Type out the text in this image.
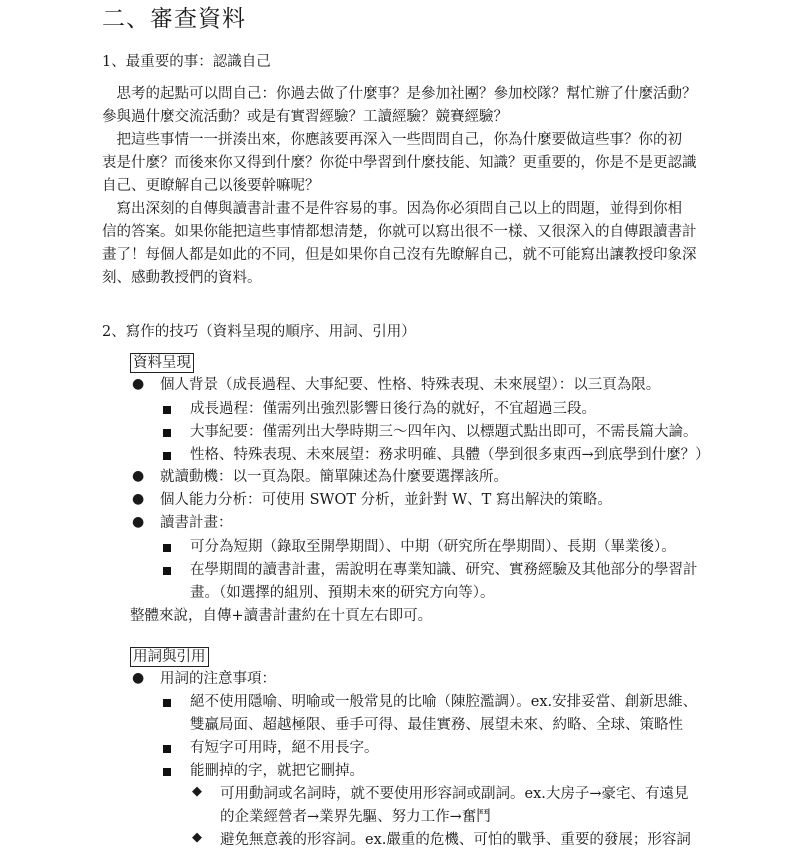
二、審查資料
1、最重要的事：認識自己
　思考的起點可以問自己：你過去做了什麼事？是參加社團？參加校隊？幫忙辦了什麼活動？
參與過什麼交流活動？或是有實習經驗？工讀經驗？競賽經驗？
　把這些事情一一拼湊出來，你應該要再深入一些問問自己，你為什麼要做這些事？你的初
衷是什麼？而後來你又得到什麼？你從中學習到什麼技能、知識？更重要的，你是不是更認識
自己、更瞭解自己以後要幹嘛呢？
　寫出深刻的自傳與讀書計畫不是件容易的事。因為你必須問自己以上的問題，並得到你相
信的答案。如果你能把這些事情都想清楚，你就可以寫出很不一樣、又很深入的自傳跟讀書計
畫了！每個人都是如此的不同，但是如果你自己沒有先瞭解自己，就不可能寫出讓教授印象深
刻、感動教授們的資料。
2、寫作的技巧（資料呈現的順序、用詞、引用）
資料呈現
● 個人背景（成長過程、大事紀要、性格、特殊表現、未來展望）：以三頁為限。
成長過程：僅需列出強烈影響日後行為的就好，不宜超過三段。
大事紀要：僅需列出大學時期三～四年內、以標題式點出即可，不需長篇大論。
性格、特殊表現、未來展望：務求明確、具體（學到很多東西→到底學到什麼？）
● 就讀動機：以一頁為限。簡單陳述為什麼要選擇該所。
● 個人能力分析：可使用 SWOT 分析，並針對 W、T 寫出解決的策略。
● 讀書計畫：
可分為短期（錄取至開學期間）、中期（研究所在學期間）、長期（畢業後）。
在學期間的讀書計畫，需說明在專業知識、研究、實務經驗及其他部分的學習計
畫。（如選擇的組別、預期未來的研究方向等）。
整體來說，自傳+讀書計畫約在十頁左右即可。
用詞與引用
● 用詞的注意事項：
絕不使用隱喻、明喻或一般常見的比喻（陳腔濫調）。ex.安排妥當、創新思維、
雙贏局面、超越極限、垂手可得、最佳實務、展望未來、約略、全球、策略性
有短字可用時，絕不用長字。
能刪掉的字，就把它刪掉。
◆ 可用動詞或名詞時，就不要使用形容詞或副詞。ex.大房子→豪宅、有遠見
的企業經營者→業界先驅、努力工作→奮鬥
◆ 避免無意義的形容詞。ex.嚴重的危機、可怕的戰爭、重要的發展；形容詞
